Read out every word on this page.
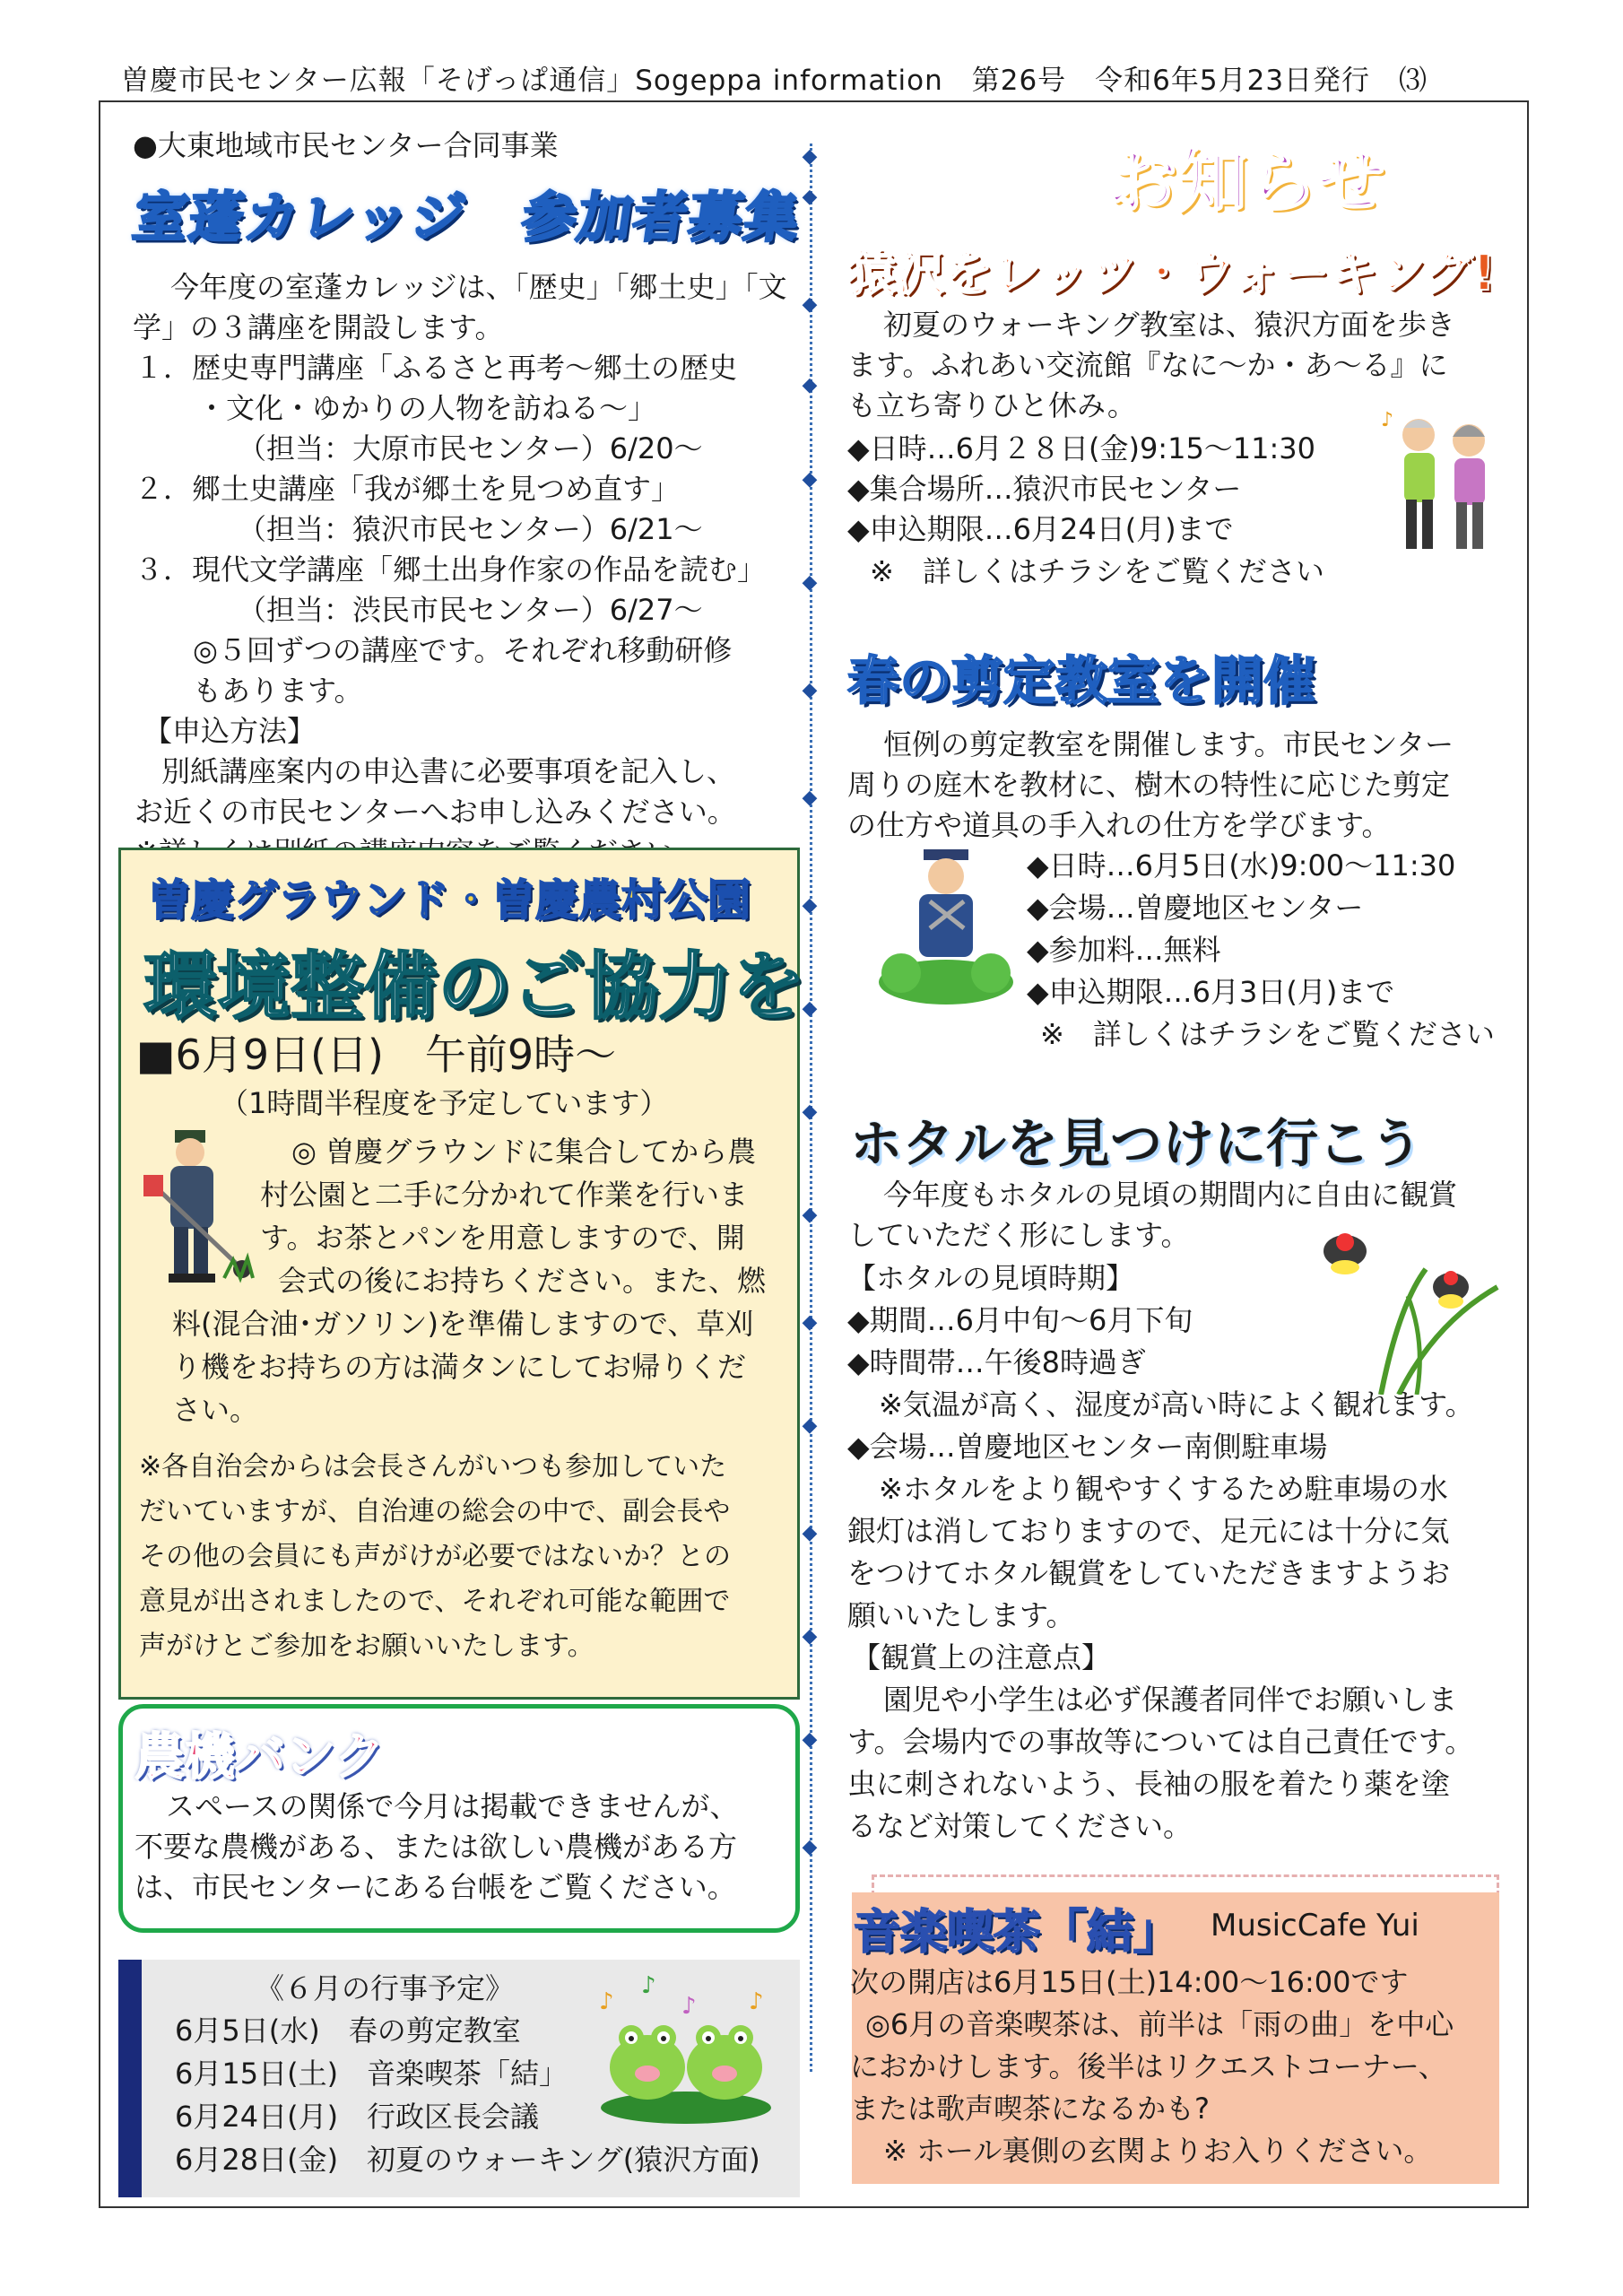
曽慶市民センター広報「そげっぱ通信」Sogeppa information　第26号　令和6年5月23日発行　⑶
◆
◆
◆
◆
◆
◆
◆
◆
◆
◆
◆
◆
◆
◆
◆
◆
◆
◆
●大東地域市民センター合同事業
室蓬カレッジ　参加者募集
今年度の室蓬カレッジは、「歴史」「郷土史」「文
学」の３講座を開設します。
１．歴史専門講座「ふるさと再考～郷土の歴史
・文化・ゆかりの人物を訪ねる～」
（担当：大原市民センター）6/20～
２．郷土史講座「我が郷土を見つめ直す」
（担当：猿沢市民センター）6/21～
３．現代文学講座「郷土出身作家の作品を読む」
（担当：渋民市民センター）6/27～
◎５回ずつの講座です。それぞれ移動研修
もあります。
【申込方法】
別紙講座案内の申込書に必要事項を記入し、
お近くの市民センターへお申し込みください。
曽慶グラウンド・曽慶農村公園
環境整備のご協力を
■6月9日(日)　午前9時～
（1時間半程度を予定しています）
◎ 曽慶グラウンドに集合してから農
村公園と二手に分かれて作業を行いま
す。お茶とパンを用意しますので、開
会式の後にお持ちください。また、燃
料(混合油･ガソリン)を準備しますので、草刈
り機をお持ちの方は満タンにしてお帰りくだ
さい。
※各自治会からは会長さんがいつも参加していた
だいていますが、自治連の総会の中で、副会長や
その他の会員にも声がけが必要ではないか？との
意見が出されましたので、それぞれ可能な範囲で
声がけとご参加をお願いいたします。
農機バンク
スペースの関係で今月は掲載できませんが、
不要な農機がある、または欲しい農機がある方
は、市民センターにある台帳をご覧ください。
《６月の行事予定》
6月5日(水)　春の剪定教室
6月15日(土)　音楽喫茶「結」
6月24日(月)　行政区長会議
6月28日(金)　初夏のウォーキング(猿沢方面)
♪
♪
♪ ♪
お知らせ
猿沢をレッツ・ウォーキング!
初夏のウォーキング教室は、猿沢方面を歩き
ます。ふれあい交流館『なに～か・あ～る』に
も立ち寄りひと休み。
◆日時…6月２８日(金)9:15～11:30
◆集合場所…猿沢市民センター
◆申込期限…6月24日(月)まで
※　詳しくはチラシをご覧ください
♪
春の剪定教室を開催
恒例の剪定教室を開催します。市民センター
周りの庭木を教材に、樹木の特性に応じた剪定
の仕方や道具の手入れの仕方を学びます。
◆日時…6月5日(水)9:00～11:30
◆会場…曽慶地区センター
◆参加料…無料
◆申込期限…6月3日(月)まで
※　詳しくはチラシをご覧ください
ホタルを見つけに行こう
今年度もホタルの見頃の期間内に自由に観賞
していただく形にします。
【ホタルの見頃時期】
◆期間…6月中旬～6月下旬
◆時間帯…午後8時過ぎ
※気温が高く、湿度が高い時によく観れます。
◆会場…曽慶地区センター南側駐車場
※ホタルをより観やすくするため駐車場の水
銀灯は消しておりますので、足元には十分に気
をつけてホタル観賞をしていただきますようお
願いいたします。
【観賞上の注意点】
園児や小学生は必ず保護者同伴でお願いしま
す。会場内での事故等については自己責任です。
虫に刺されないよう、長袖の服を着たり薬を塗
るなど対策してください。
音楽喫茶「結」 MusicCafe Yui
次の開店は6月15日(土)14:00～16:00です
◎6月の音楽喫茶は、前半は「雨の曲」を中心
におかけします。後半はリクエストコーナー、
または歌声喫茶になるかも?
※ ホール裏側の玄関よりお入りください。
